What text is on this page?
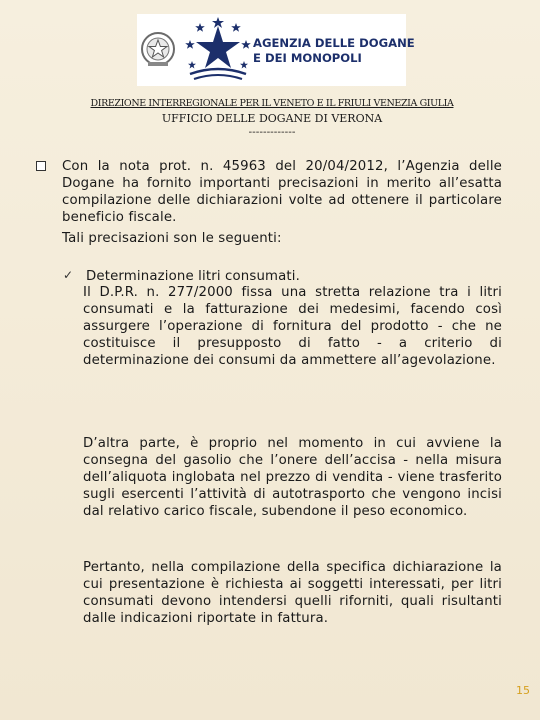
AGENZIA DELLE DOGANE
E DEI MONOPOLI
DIREZIONE INTERREGIONALE PER IL VENETO E IL FRIULI VENEZIA GIULIA
UFFICIO DELLE DOGANE DI VERONA
-------------
Con la nota prot. n. 45963 del 20/04/2012, l’Agenzia delle Dogane ha fornito importanti precisazioni in merito all’esatta compilazione delle dichiarazioni volte ad ottenere il particolare beneficio fiscale.
Tali precisazioni son le seguenti:
✓ Determinazione litri consumati.
Il D.P.R. n. 277/2000 fissa una stretta relazione tra i litri consumati e la fatturazione dei medesimi, facendo così assurgere l’operazione di fornitura del prodotto - che ne costituisce il presupposto di fatto - a criterio di determinazione dei consumi da ammettere all’agevolazione.
D’altra parte, è proprio nel momento in cui avviene la consegna del gasolio che l’onere dell’accisa - nella misura dell’aliquota inglobata nel prezzo di vendita - viene trasferito sugli esercenti l’attività di autotrasporto che vengono incisi dal relativo carico fiscale, subendone il peso economico.
Pertanto, nella compilazione della specifica dichiarazione la cui presentazione è richiesta ai soggetti interessati, per litri consumati devono intendersi quelli riforniti, quali risultanti dalle indicazioni riportate in fattura.
15
